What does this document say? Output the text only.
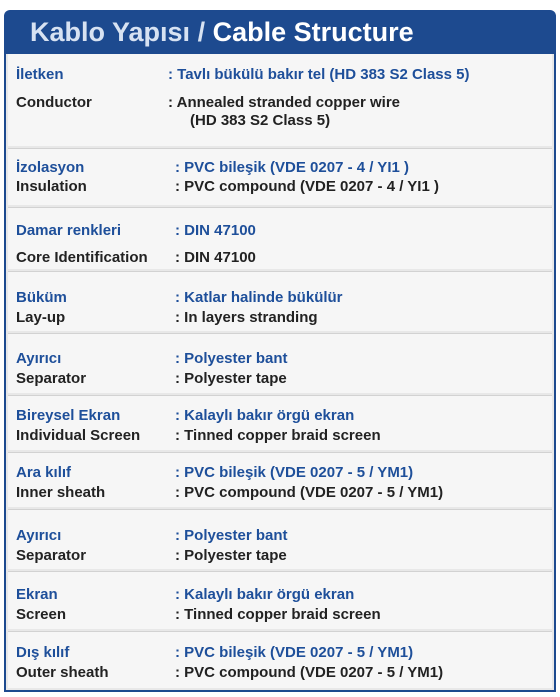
Kablo Yapısı /
Cable Structure
İletken	: Tavlı bükülü bakır tel (HD 383 S2 Class 5)
Conductor	: Annealed stranded copper wire
(HD 383 S2 Class 5)
İzolasyon	: PVC bileşik (VDE 0207 - 4 / YI1 )
Insulation	: PVC compound (VDE 0207 - 4 / YI1 )
Damar renkleri	: DIN 47100
Core Identification : DIN 47100
Büküm	: Katlar halinde bükülür
Lay-up	: In layers stranding
Ayırıcı	: Polyester bant
Separator	: Polyester tape
Bireysel Ekran	: Kalaylı bakır örgü ekran
Individual Screen : Tinned copper braid screen
Ara kılıf	: PVC bileşik (VDE 0207 - 5 / YM1)
Inner sheath	: PVC compound (VDE 0207 - 5 / YM1)
Ayırıcı	: Polyester bant
Separator	: Polyester tape
Ekran	: Kalaylı bakır örgü ekran
Screen	: Tinned copper braid screen
Dış kılıf	: PVC bileşik (VDE 0207 - 5 / YM1)
Outer sheath	: PVC compound (VDE 0207 - 5 / YM1)
